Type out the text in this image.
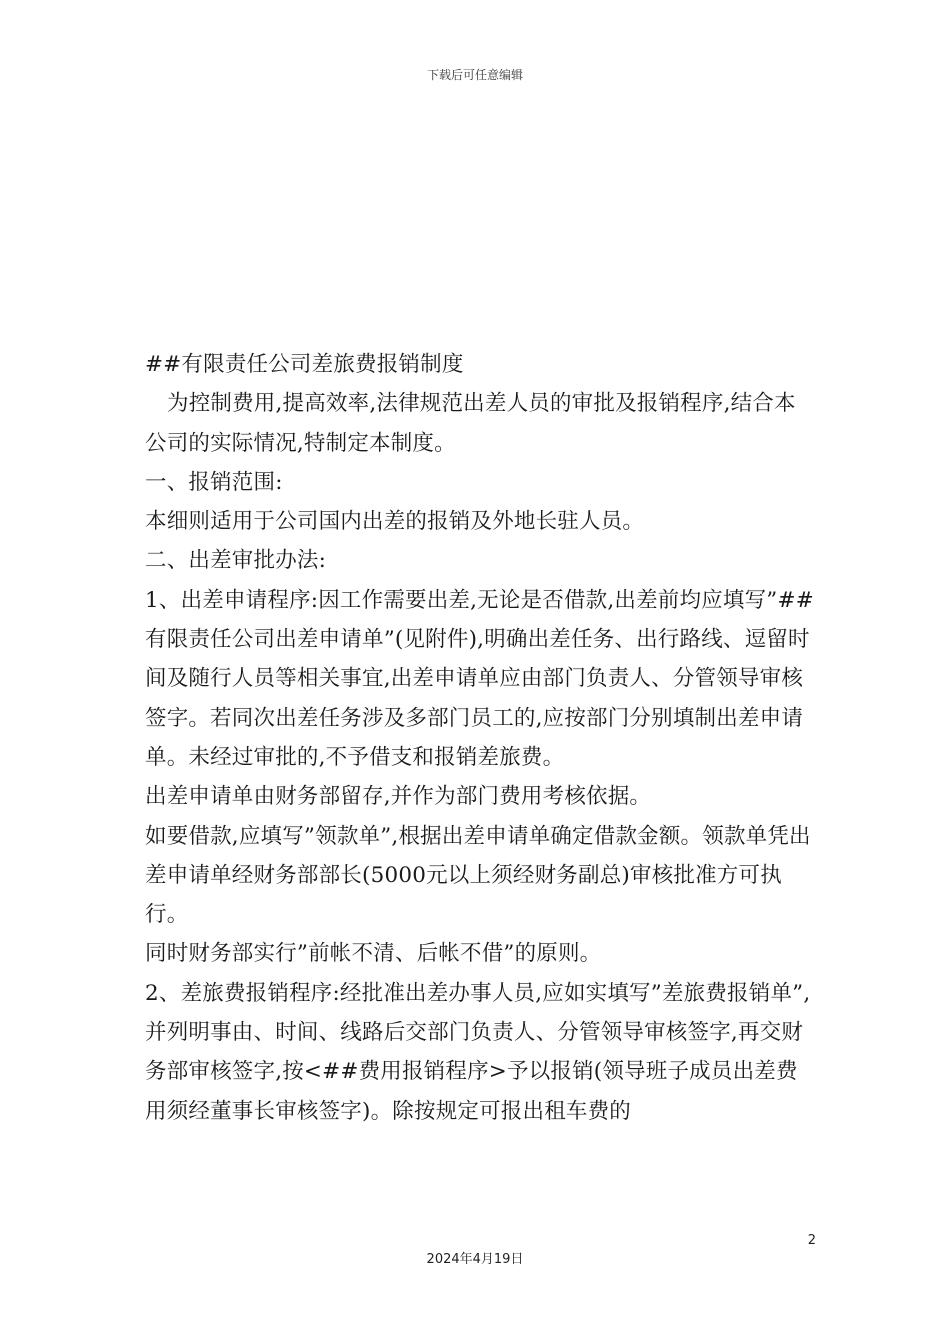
下载后可任意编辑

##有限责任公司差旅费报销制度

为控制费用,提高效率,法律规范出差人员的审批及报销程序,结合本公司的实际情况,特制定本制度。

一、报销范围:

本细则适用于公司国内出差的报销及外地长驻人员。

二、出差审批办法:

1、出差申请程序:因工作需要出差,无论是否借款,出差前均应填写”##有限责任公司出差申请单”(见附件),明确出差任务、出行路线、逗留时间及随行人员等相关事宜,出差申请单应由部门负责人、分管领导审核签字。若同次出差任务涉及多部门员工的,应按部门分别填制出差申请单。未经过审批的,不予借支和报销差旅费。

出差申请单由财务部留存,并作为部门费用考核依据。

如要借款,应填写”领款单”,根据出差申请单确定借款金额。领款单凭出差申请单经财务部部长(5000元以上须经财务副总)审核批准方可执行。

同时财务部实行”前帐不清、后帐不借”的原则。

2、差旅费报销程序:经批准出差办事人员,应如实填写”差旅费报销单”,并列明事由、时间、线路后交部门负责人、分管领导审核签字,再交财务部审核签字,按<##费用报销程序>予以报销(领导班子成员出差费用须经董事长审核签字)。除按规定可报出租车费的

2
2024年4月19日
